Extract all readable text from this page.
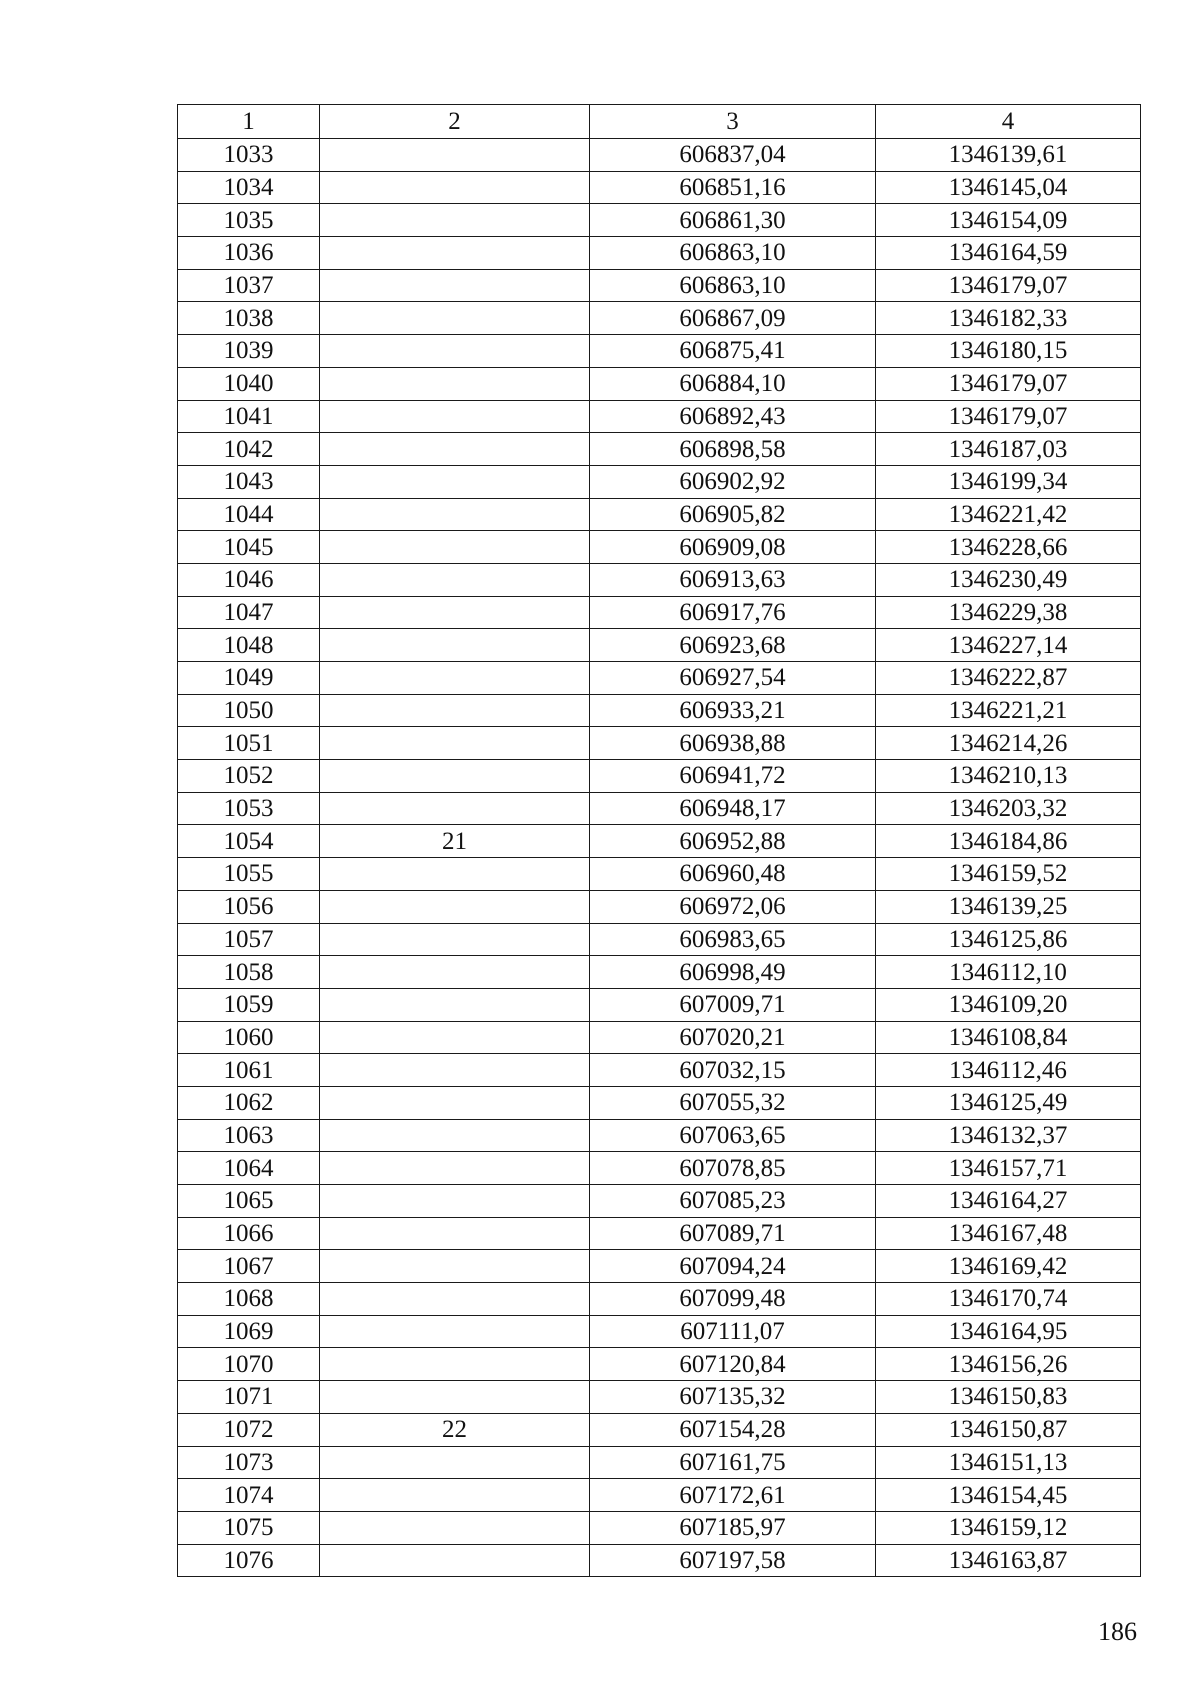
1	2	3	4
1033		606837,04	1346139,61
1034		606851,16	1346145,04
1035		606861,30	1346154,09
1036		606863,10	1346164,59
1037		606863,10	1346179,07
1038		606867,09	1346182,33
1039		606875,41	1346180,15
1040		606884,10	1346179,07
1041		606892,43	1346179,07
1042		606898,58	1346187,03
1043		606902,92	1346199,34
1044		606905,82	1346221,42
1045		606909,08	1346228,66
1046		606913,63	1346230,49
1047		606917,76	1346229,38
1048		606923,68	1346227,14
1049		606927,54	1346222,87
1050		606933,21	1346221,21
1051		606938,88	1346214,26
1052		606941,72	1346210,13
1053		606948,17	1346203,32
1054	21	606952,88	1346184,86
1055		606960,48	1346159,52
1056		606972,06	1346139,25
1057		606983,65	1346125,86
1058		606998,49	1346112,10
1059		607009,71	1346109,20
1060		607020,21	1346108,84
1061		607032,15	1346112,46
1062		607055,32	1346125,49
1063		607063,65	1346132,37
1064		607078,85	1346157,71
1065		607085,23	1346164,27
1066		607089,71	1346167,48
1067		607094,24	1346169,42
1068		607099,48	1346170,74
1069		607111,07	1346164,95
1070		607120,84	1346156,26
1071		607135,32	1346150,83
1072	22	607154,28	1346150,87
1073		607161,75	1346151,13
1074		607172,61	1346154,45
1075		607185,97	1346159,12
1076		607197,58	1346163,87
186
